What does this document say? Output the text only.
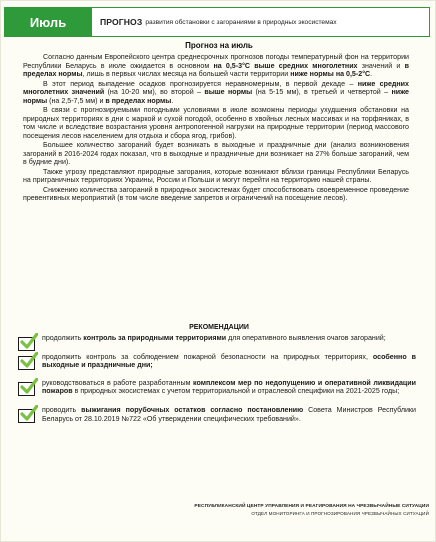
Июль	ПРОГНОЗ развития обстановки с загораниями в природных экосистемах
Прогноз на июль

Согласно данным Европейского центра среднесрочных прогнозов погоды температурный фон на территории Республики Беларусь в июле ожидается в основном на 0,5-3°С выше средних многолетних значений и в пределах нормы, лишь в первых числах месяца на большей части территории ниже нормы на 0,5-2°С.

В этот период выпадение осадков прогнозируется неравномерным, в первой декаде – ниже средних многолетних значений (на 10-20 мм), во второй – выше нормы (на 5-15 мм), в третьей и четвертой – ниже нормы (на 2,5-7,5 мм) и в пределах нормы.

В связи с прогнозируемыми погодными условиями в июле возможны периоды ухудшения обстановки на природных территориях в дни с жаркой и сухой погодой, особенно в хвойных лесных массивах и на торфяниках, в том числе и вследствие возрастания уровня антропогенной нагрузки на природные территории (период массового посещения лесов населением для отдыха и сбора ягод, грибов).

Большее количество загораний будет возникать в выходные и праздничные дни (анализ возникновения загораний в 2016-2024 годах показал, что в выходные и праздничные дни возникает на 27% больше загораний, чем в будние дни).

Также угрозу представляют природные загорания, которые возникают вблизи границы Республики Беларусь на приграничных территориях Украины, России и Польши и могут перейти на территорию нашей страны.

Снижению количества загораний в природных экосистемах будет способствовать своевременное проведение превентивных мероприятий (в том числе введение запретов и ограничений на посещение лесов).

РЕКОМЕНДАЦИИ
продолжить контроль за природными территориями для оперативного выявления очагов загораний;
продолжить контроль за соблюдением пожарной безопасности на природных территориях, особенно в выходные и праздничные дни;
руководствоваться в работе разработанным комплексом мер по недопущению и оперативной ликвидации пожаров в природных экосистемах с учетом территориальной и отраслевой специфики на 2021-2025 годы;
проводить выжигания порубочных остатков согласно постановлению Совета Министров Республики Беларусь от 28.10.2019 №722 «Об утверждении специфических требований».
РЕСПУБЛИКАНСКИЙ ЦЕНТР УПРАВЛЕНИЯ И РЕАГИРОВАНИЯ НА ЧРЕЗВЫЧАЙНЫЕ СИТУАЦИИ
ОТДЕЛ МОНИТОРИНГА И ПРОГНОЗИРОВАНИЯ ЧРЕЗВЫЧАЙНЫХ СИТУАЦИЙ
